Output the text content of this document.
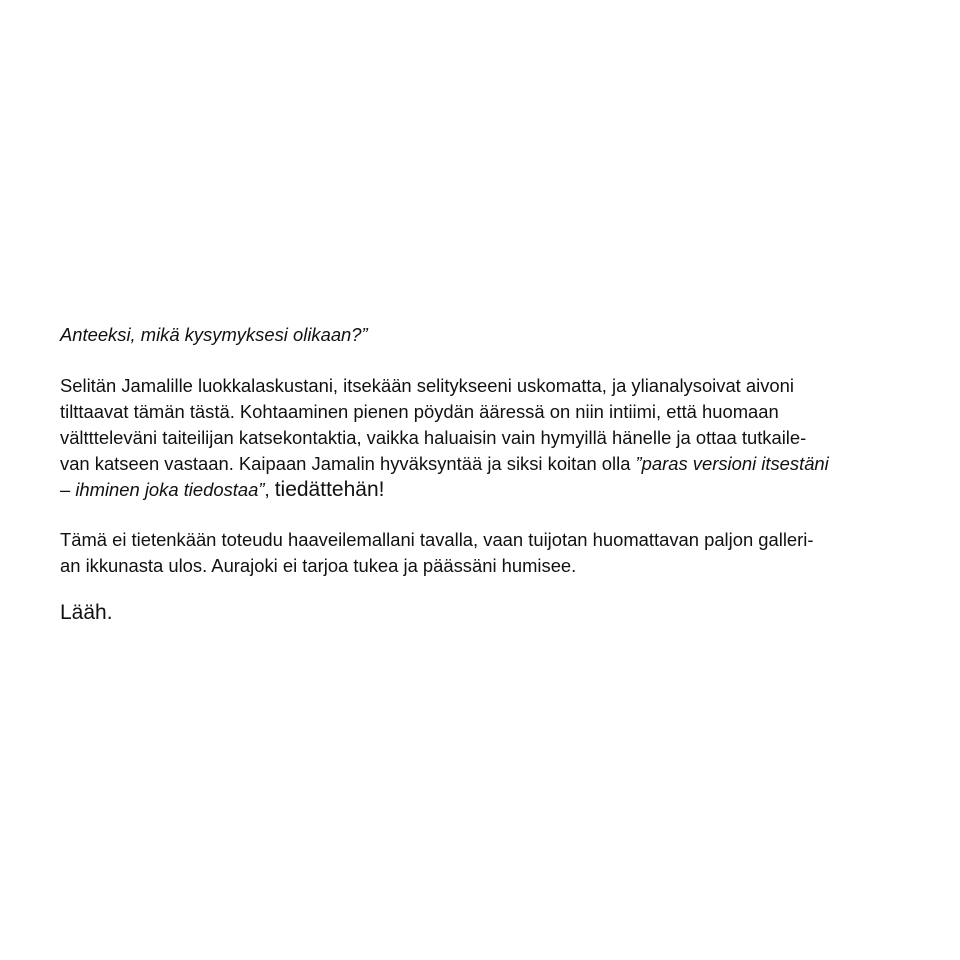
Anteeksi, mikä kysymyksesi olikaan?”
Selitän Jamalille luokkalaskustani, itsekään selitykseeni uskomatta, ja ylianalysoivat aivoni
tilttaavat tämän tästä. Kohtaaminen pienen pöydän ääressä on niin intiimi, että huomaan
välttteleväni taiteilijan katsekontaktia, vaikka haluaisin vain hymyillä hänelle ja ottaa tutkaile-
van katseen vastaan. Kaipaan Jamalin hyväksyntää ja siksi koitan olla ”paras versioni itsestäni
– ihminen joka tiedostaa”, tiedättehän!
Tämä ei tietenkään toteudu haaveilemallani tavalla, vaan tuijotan huomattavan paljon galleri-
an ikkunasta ulos. Aurajoki ei tarjoa tukea ja päässäni humisee.
Lääh.
